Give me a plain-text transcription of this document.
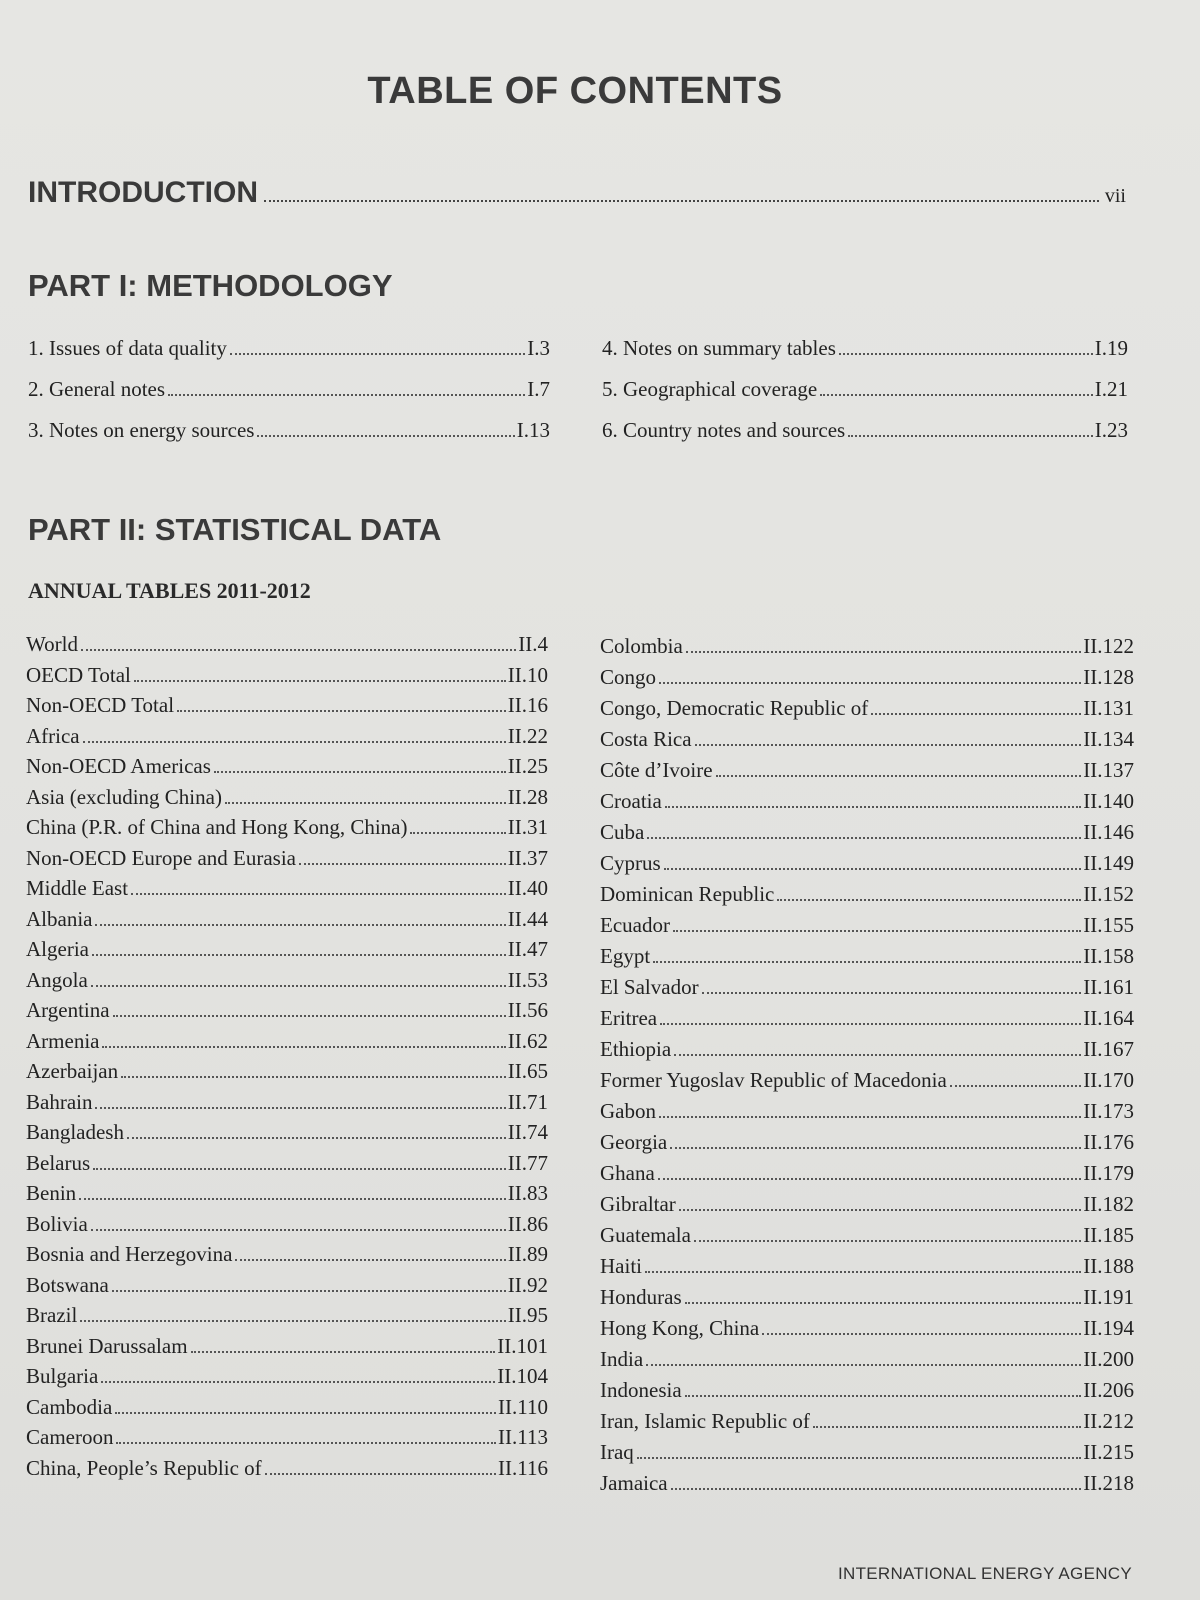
TABLE OF CONTENTS
INTRODUCTION	vii
PART I: METHODOLOGY
1. Issues of data quality	I.3
2. General notes	I.7
3. Notes on energy sources	I.13
4. Notes on summary tables	I.19
5. Geographical coverage	I.21
6. Country notes and sources	I.23
PART II: STATISTICAL DATA
ANNUAL TABLES 2011-2012
World	II.4
OECD Total	II.10
Non-OECD Total	II.16
Africa	II.22
Non-OECD Americas	II.25
Asia (excluding China)	II.28
China (P.R. of China and Hong Kong, China)	II.31
Non-OECD Europe and Eurasia	II.37
Middle East	II.40
Albania	II.44
Algeria	II.47
Angola	II.53
Argentina	II.56
Armenia	II.62
Azerbaijan	II.65
Bahrain	II.71
Bangladesh	II.74
Belarus	II.77
Benin	II.83
Bolivia	II.86
Bosnia and Herzegovina	II.89
Botswana	II.92
Brazil	II.95
Brunei Darussalam	II.101
Bulgaria	II.104
Cambodia	II.110
Cameroon	II.113
China, People’s Republic of	II.116
Colombia	II.122
Congo	II.128
Congo, Democratic Republic of	II.131
Costa Rica	II.134
Côte d’Ivoire	II.137
Croatia	II.140
Cuba	II.146
Cyprus	II.149
Dominican Republic	II.152
Ecuador	II.155
Egypt	II.158
El Salvador	II.161
Eritrea	II.164
Ethiopia	II.167
Former Yugoslav Republic of Macedonia	II.170
Gabon	II.173
Georgia	II.176
Ghana	II.179
Gibraltar	II.182
Guatemala	II.185
Haiti	II.188
Honduras	II.191
Hong Kong, China	II.194
India	II.200
Indonesia	II.206
Iran, Islamic Republic of	II.212
Iraq	II.215
Jamaica	II.218
INTERNATIONAL ENERGY AGENCY
